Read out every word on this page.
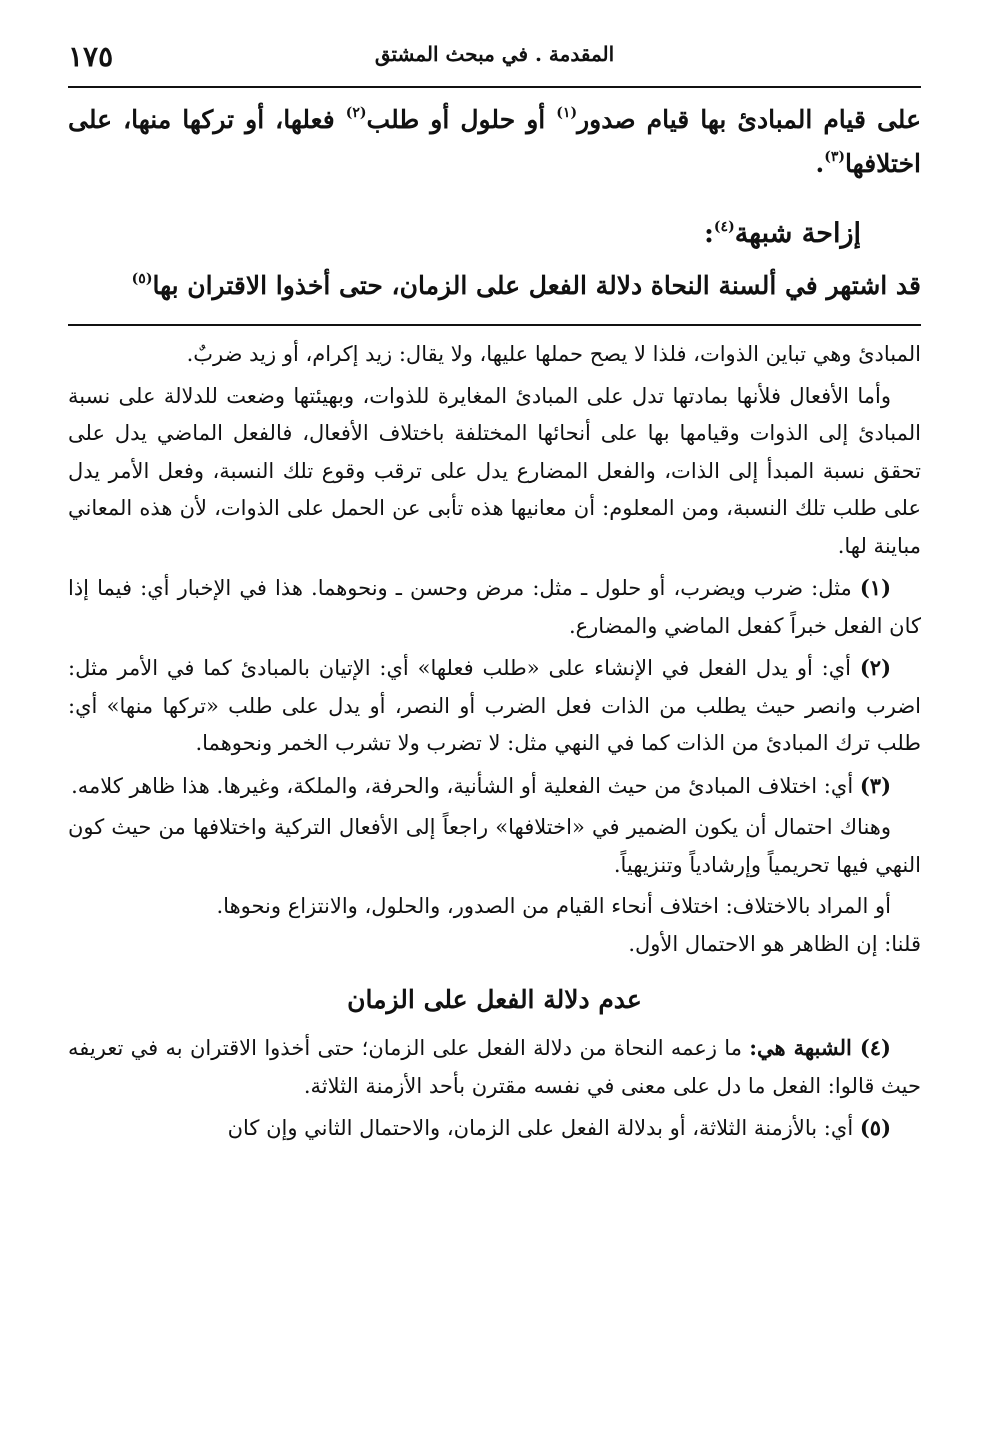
١٧٥	المقدمة . في مبحث المشتق

على قيام المبادئ بها قيام صدور$^{(١)}$ أو حلول أو طلب$^{(٢)}$ فعلها، أو تركها منها، على اختلافها$^{(٣)}$.

إزاحة شبهة$^{(٤)}$:

قد اشتهر في ألسنة النحاة دلالة الفعل على الزمان، حتى أخذوا الاقتران بها$^{(٥)}$

المبادئ وهي تباين الذوات، فلذا لا يصح حملها عليها، ولا يقال: زيد إكرام، أو زيد ضربٌ.

وأما الأفعال فلأنها بمادتها تدل على المبادئ المغايرة للذوات، وبهيئتها وضعت للدلالة على نسبة المبادئ إلى الذوات وقيامها بها على أنحائها المختلفة باختلاف الأفعال، فالفعل الماضي يدل على تحقق نسبة المبدأ إلى الذات، والفعل المضارع يدل على ترقب وقوع تلك النسبة، وفعل الأمر يدل على طلب تلك النسبة، ومن المعلوم: أن معانيها هذه تأبى عن الحمل على الذوات، لأن هذه المعاني مباينة لها.

(١) مثل: ضرب ويضرب، أو حلول ـ مثل: مرض وحسن ـ ونحوهما. هذا في الإخبار أي: فيما إذا كان الفعل خبراً كفعل الماضي والمضارع.

(٢) أي: أو يدل الفعل في الإنشاء على «طلب فعلها» أي: الإتيان بالمبادئ كما في الأمر مثل: اضرب وانصر حيث يطلب من الذات فعل الضرب أو النصر، أو يدل على طلب «تركها منها» أي: طلب ترك المبادئ من الذات كما في النهي مثل: لا تضرب ولا تشرب الخمر ونحوهما.

(٣) أي: اختلاف المبادئ من حيث الفعلية أو الشأنية، والحرفة، والملكة، وغيرها. هذا ظاهر كلامه.

وهناك احتمال أن يكون الضمير في «اختلافها» راجعاً إلى الأفعال التركية واختلافها من حيث كون النهي فيها تحريمياً وإرشادياً وتنزيهياً.

أو المراد بالاختلاف: اختلاف أنحاء القيام من الصدور، والحلول، والانتزاع ونحوها.

قلنا: إن الظاهر هو الاحتمال الأول.

عدم دلالة الفعل على الزمان

(٤) الشبهة هي: ما زعمه النحاة من دلالة الفعل على الزمان؛ حتى أخذوا الاقتران به في تعريفه حيث قالوا: الفعل ما دل على معنى في نفسه مقترن بأحد الأزمنة الثلاثة.

(٥) أي: بالأزمنة الثلاثة، أو بدلالة الفعل على الزمان، والاحتمال الثاني وإن كان
